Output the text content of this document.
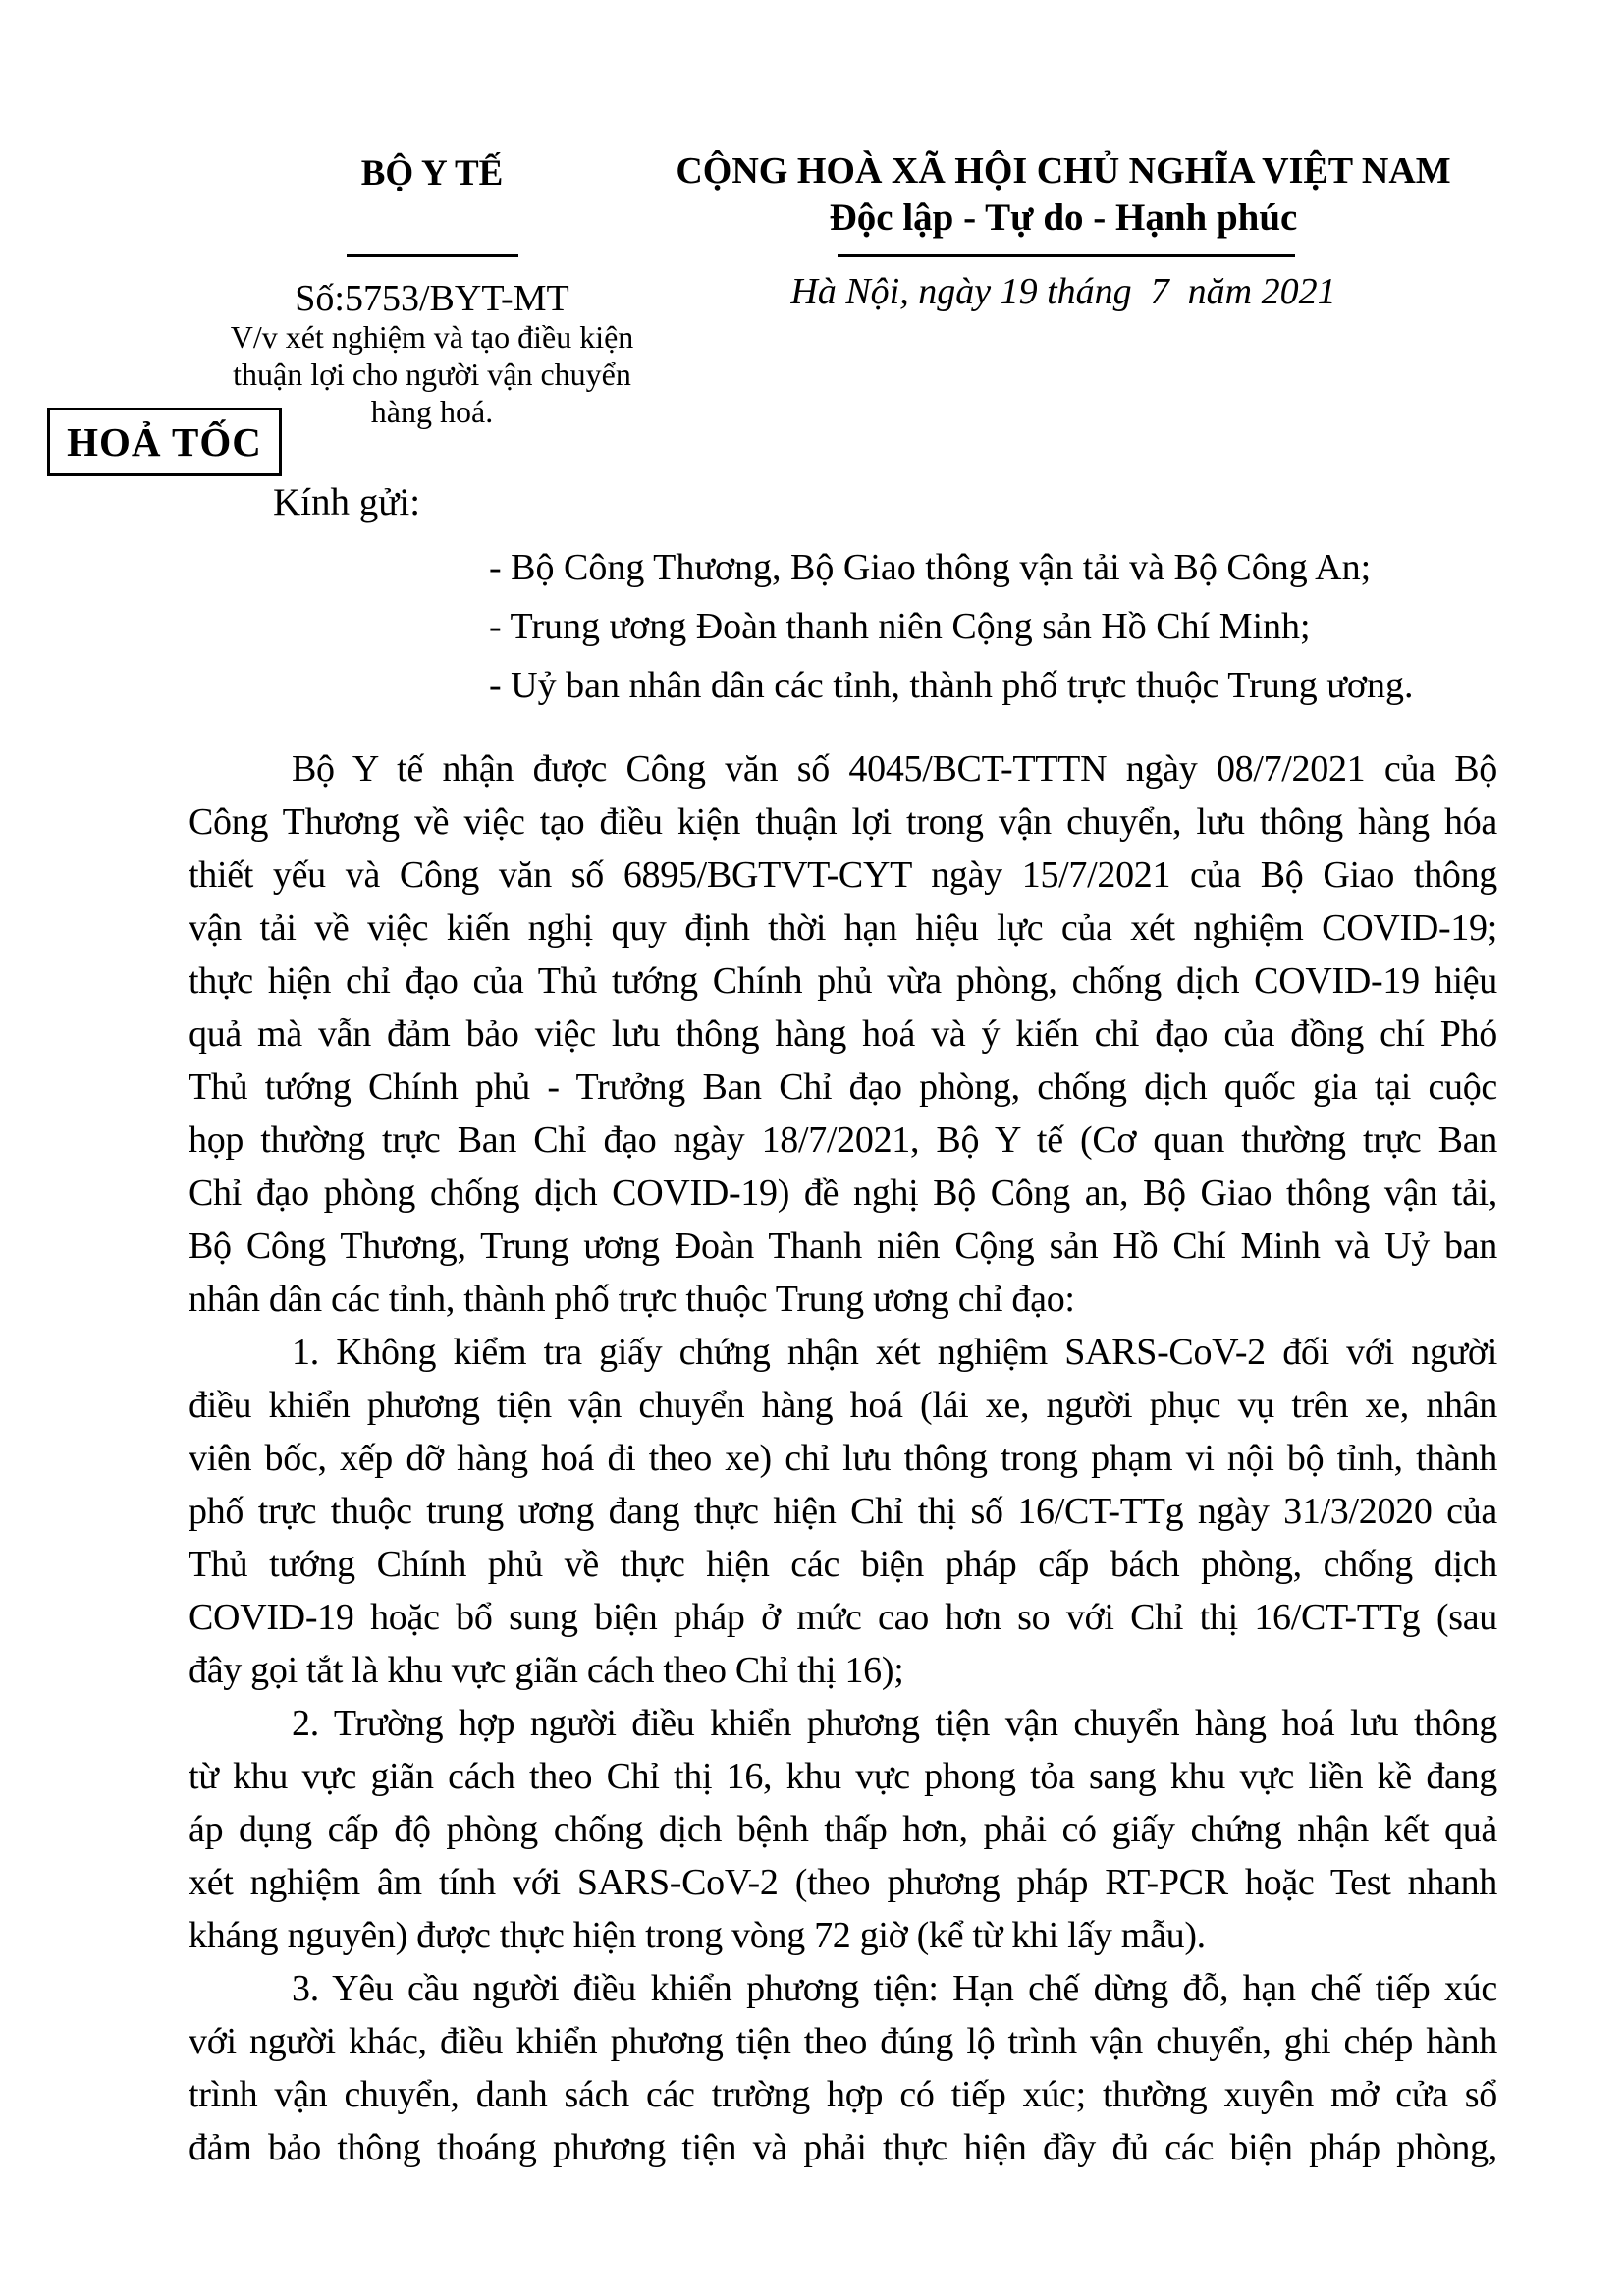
BỘ Y TẾ
Số:5753/BYT-MT
V/v xét nghiệm và tạo điều kiện
thuận lợi cho người vận chuyển
hàng hoá.
CỘNG HOÀ XÃ HỘI CHỦ NGHĨA VIỆT NAM
Độc lập - Tự do - Hạnh phúc
Hà Nội, ngày 19 tháng  7  năm 2021
HOẢ TỐC
Kính gửi:
- Bộ Công Thương, Bộ Giao thông vận tải và Bộ Công An;
- Trung ương Đoàn thanh niên Cộng sản Hồ Chí Minh;
- Uỷ ban nhân dân các tỉnh, thành phố trực thuộc Trung ương.
Bộ Y tế nhận được Công văn số 4045/BCT-TTTN ngày 08/7/2021 của Bộ
Công Thương về việc tạo điều kiện thuận lợi trong vận chuyển, lưu thông hàng hóa
thiết yếu và Công văn số 6895/BGTVT-CYT ngày 15/7/2021 của Bộ Giao thông
vận tải về việc kiến nghị quy định thời hạn hiệu lực của xét nghiệm COVID-19;
thực hiện chỉ đạo của Thủ tướng Chính phủ vừa phòng, chống dịch COVID-19 hiệu
quả mà vẫn đảm bảo việc lưu thông hàng hoá và ý kiến chỉ đạo của đồng chí Phó
Thủ tướng Chính phủ - Trưởng Ban Chỉ đạo phòng, chống dịch quốc gia tại cuộc
họp thường trực Ban Chỉ đạo ngày 18/7/2021, Bộ Y tế (Cơ quan thường trực Ban
Chỉ đạo phòng chống dịch COVID-19) đề nghị Bộ Công an, Bộ Giao thông vận tải,
Bộ Công Thương, Trung ương Đoàn Thanh niên Cộng sản Hồ Chí Minh và Uỷ ban
nhân dân các tỉnh, thành phố trực thuộc Trung ương chỉ đạo:
1. Không kiểm tra giấy chứng nhận xét nghiệm SARS-CoV-2 đối với người
điều khiển phương tiện vận chuyển hàng hoá (lái xe, người phục vụ trên xe, nhân
viên bốc, xếp dỡ hàng hoá đi theo xe) chỉ lưu thông trong phạm vi nội bộ tỉnh, thành
phố trực thuộc trung ương đang thực hiện Chỉ thị số 16/CT-TTg ngày 31/3/2020 của
Thủ tướng Chính phủ về thực hiện các biện pháp cấp bách phòng, chống dịch
COVID-19 hoặc bổ sung biện pháp ở mức cao hơn so với Chỉ thị 16/CT-TTg (sau
đây gọi tắt là khu vực giãn cách theo Chỉ thị 16);
2. Trường hợp người điều khiển phương tiện vận chuyển hàng hoá lưu thông
từ khu vực giãn cách theo Chỉ thị 16, khu vực phong tỏa sang khu vực liền kề đang
áp dụng cấp độ phòng chống dịch bệnh thấp hơn, phải có giấy chứng nhận kết quả
xét nghiệm âm tính với SARS-CoV-2 (theo phương pháp RT-PCR hoặc Test nhanh
kháng nguyên) được thực hiện trong vòng 72 giờ (kể từ khi lấy mẫu).
3. Yêu cầu người điều khiển phương tiện: Hạn chế dừng đỗ, hạn chế tiếp xúc
với người khác, điều khiển phương tiện theo đúng lộ trình vận chuyển, ghi chép hành
trình vận chuyển, danh sách các trường hợp có tiếp xúc; thường xuyên mở cửa sổ
đảm bảo thông thoáng phương tiện và phải thực hiện đầy đủ các biện pháp phòng,
